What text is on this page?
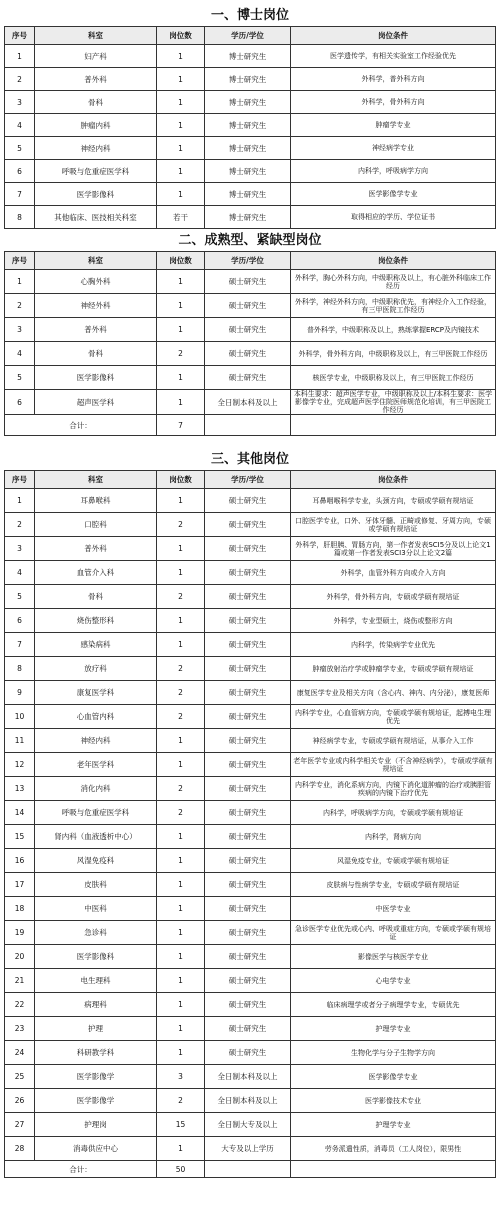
一、博士岗位				
序号	科室	岗位数	学历/学位	岗位条件
1	妇产科	1	博士研究生	医学遗传学，有相关实验室工作经验优先
2	普外科	1	博士研究生	外科学，普外科方向
3	骨科	1	博士研究生	外科学，骨外科方向
4	肿瘤内科	1	博士研究生	肿瘤学专业
5	神经内科	1	博士研究生	神经病学专业
6	呼吸与危重症医学科	1	博士研究生	内科学，呼吸病学方向
7	医学影像科	1	博士研究生	医学影像学专业
8	其他临床、医技相关科室	若干	博士研究生	取得相应的学历、学位证书
二、成熟型、紧缺型岗位				
序号	科室	岗位数	学历/学位	岗位条件
1	心胸外科	1	硕士研究生	外科学，胸心外科方向，中级职称及以上，有心脏外科临床工作经历
2	神经外科	1	硕士研究生	外科学，神经外科方向，中级职称优先，有神经介入工作经验，有三甲医院工作经历
3	普外科	1	硕士研究生	普外科学，中级职称及以上，熟练掌握ERCP及内镜技术
4	骨科	2	硕士研究生	外科学，骨外科方向，中级职称及以上，有三甲医院工作经历
5	医学影像科	1	硕士研究生	核医学专业，中级职称及以上，有三甲医院工作经历
6	超声医学科	1	全日制本科及以上	本科生要求：超声医学专业，中级职称及以上/本科生要求：医学影像学专业，完成超声医学住院医师规范化培训，有三甲医院工作经历
合计：		7		
三、其他岗位				
序号	科室	岗位数	学历/学位	岗位条件
1	耳鼻喉科	1	硕士研究生	耳鼻咽喉科学专业，头颈方向，专硕或学硕有规培证
2	口腔科	2	硕士研究生	口腔医学专业，口外、牙体牙髓、正畸或修复、牙周方向，专硕或学硕有规培证
3	普外科	1	硕士研究生	外科学，肝胆胰、胃肠方向，第一作者发表SCI5分及以上论文1篇或第一作者发表SCI3分以上论文2篇
4	血管介入科	1	硕士研究生	外科学，血管外科方向或介入方向
5	骨科	2	硕士研究生	外科学，骨外科方向，专硕或学硕有规培证
6	烧伤整形科	1	硕士研究生	外科学，专业型硕士，烧伤或整形方向
7	感染病科	1	硕士研究生	内科学，传染病学专业优先
8	放疗科	2	硕士研究生	肿瘤放射治疗学或肿瘤学专业，专硕或学硕有规培证
9	康复医学科	2	硕士研究生	康复医学专业及相关方向（含心内、神内、内分泌），康复医师
10	心血管内科	2	硕士研究生	内科学专业，心血管病方向，专硕或学硕有规培证，起搏电生理优先
11	神经内科	1	硕士研究生	神经病学专业，专硕或学硕有规培证，从事介入工作
12	老年医学科	1	硕士研究生	老年医学专业或内科学相关专业（不含神经病学），专硕或学硕有规培证
13	消化内科	2	硕士研究生	内科学专业，消化系病方向，内镜下消化道肿瘤的治疗或胰胆管疾病的内镜下治疗优先
14	呼吸与危重症医学科	2	硕士研究生	内科学，呼吸病学方向，专硕或学硕有规培证
15	肾内科（血液透析中心）	1	硕士研究生	内科学，肾病方向
16	风湿免疫科	1	硕士研究生	风湿免疫专业，专硕或学硕有规培证
17	皮肤科	1	硕士研究生	皮肤病与性病学专业，专硕或学硕有规培证
18	中医科	1	硕士研究生	中医学专业
19	急诊科	1	硕士研究生	急诊医学专业优先或心内、呼吸或重症方向，专硕或学硕有规培证
20	医学影像科	1	硕士研究生	影像医学与核医学专业
21	电生理科	1	硕士研究生	心电学专业
22	病理科	1	硕士研究生	临床病理学或者分子病理学专业，专硕优先
23	护理	1	硕士研究生	护理学专业
24	科研教学科	1	硕士研究生	生物化学与分子生物学方向
25	医学影像学	3	全日制本科及以上	医学影像学专业
26	医学影像学	2	全日制本科及以上	医学影像技术专业
27	护理岗	15	全日制大专及以上	护理学专业
28	消毒供应中心	1	大专及以上学历	劳务派遣性质，消毒员（工人岗位），限男性
合计：		50		
